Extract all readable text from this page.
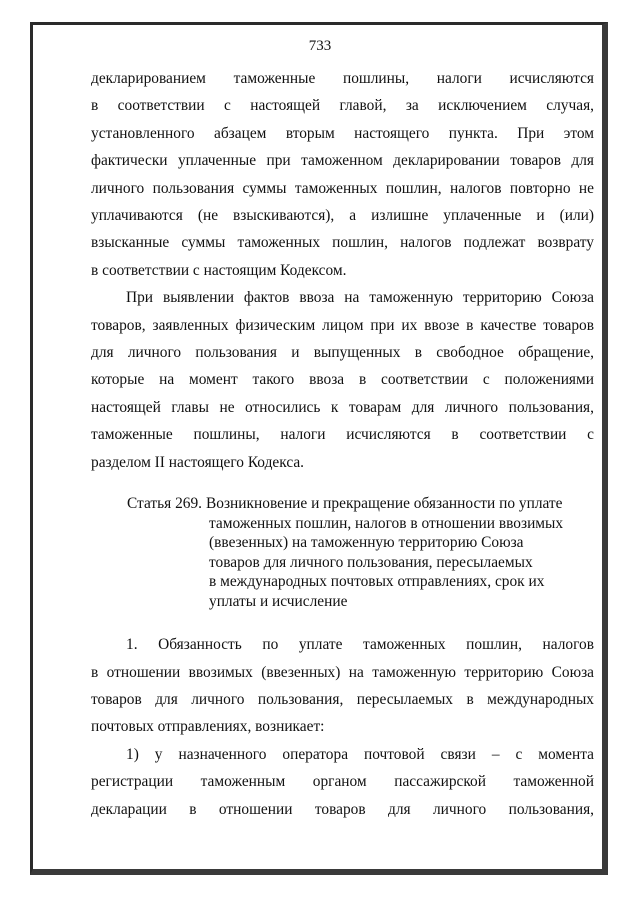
733

декларированием таможенные пошлины, налоги исчисляются

в соответствии с настоящей главой, за исключением случая,

установленного абзацем вторым настоящего пункта. При этом

фактически уплаченные при таможенном декларировании товаров для

личного пользования суммы таможенных пошлин, налогов повторно не

уплачиваются (не взыскиваются), а излишне уплаченные и (или)

взысканные суммы таможенных пошлин, налогов подлежат возврату

в соответствии с настоящим Кодексом.

При выявлении фактов ввоза на таможенную территорию Союза

товаров, заявленных физическим лицом при их ввозе в качестве товаров

для личного пользования и выпущенных в свободное обращение,

которые на момент такого ввоза в соответствии с положениями

настоящей главы не относились к товарам для личного пользования,

таможенные пошлины, налоги исчисляются в соответствии с

разделом II настоящего Кодекса.

Статья 269. Возникновение и прекращение обязанности по уплате

таможенных пошлин, налогов в отношении ввозимых
(ввезенных) на таможенную территорию Союза
товаров для личного пользования, пересылаемых
в международных почтовых отправлениях, срок их
уплаты и исчисление

1. Обязанность по уплате таможенных пошлин, налогов

в отношении ввозимых (ввезенных) на таможенную территорию Союза

товаров для личного пользования, пересылаемых в международных

почтовых отправлениях, возникает:

1) у назначенного оператора почтовой связи – с момента

регистрации таможенным органом пассажирской таможенной

декларации в отношении товаров для личного пользования,
